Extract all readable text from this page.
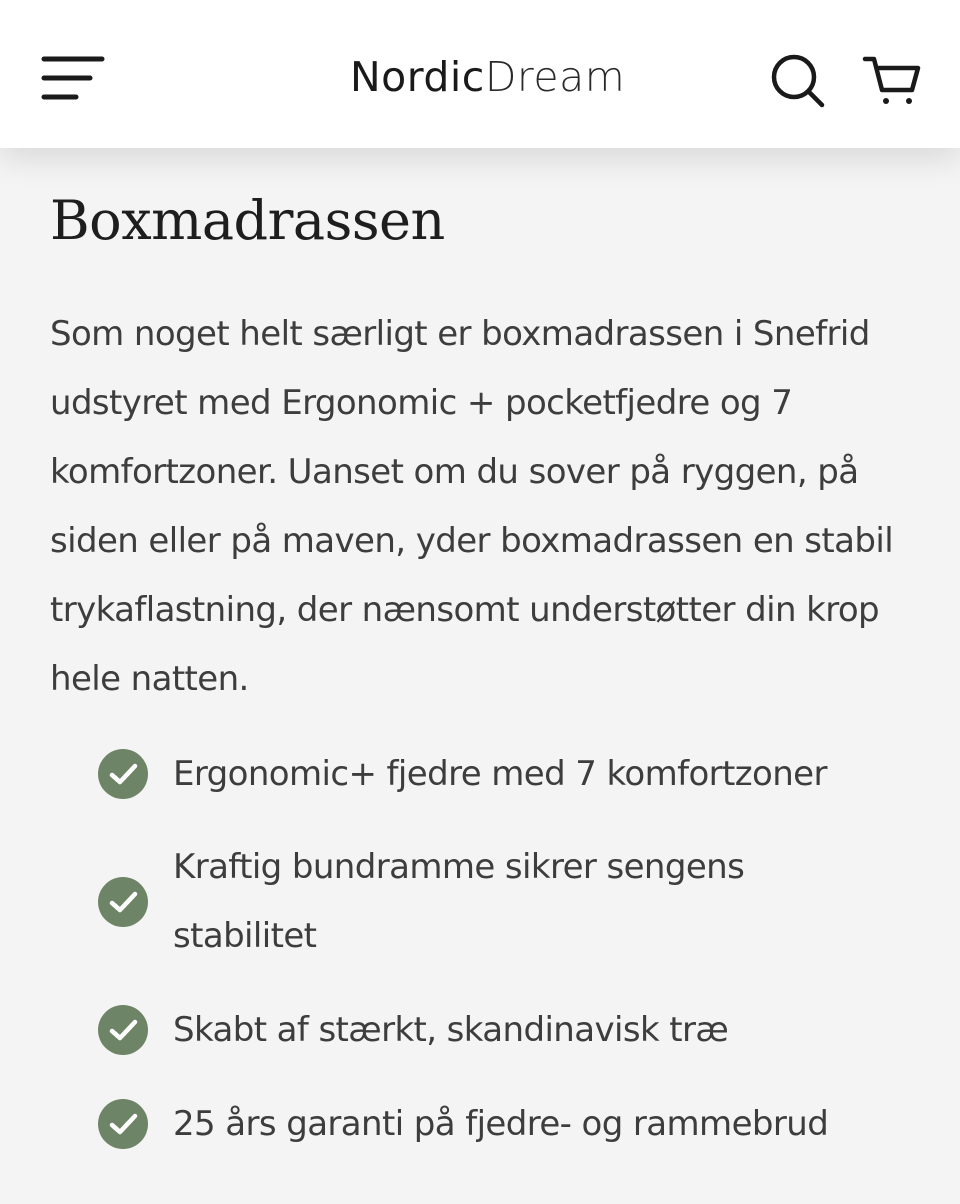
NordicDream
Boxmadrassen

Som noget helt særligt er boxmadrassen i Snefrid udstyret med Ergonomic + pocketfjedre og 7 komfortzoner. Uanset om du sover på ryggen, på siden eller på maven, yder boxmadrassen en stabil trykaflastning, der nænsomt understøtter din krop hele natten.

Ergonomic+ fjedre med 7 komfortzoner
Kraftig bundramme sikrer sengens stabilitet
Skabt af stærkt, skandinavisk træ
25 års garanti på fjedre- og rammebrud
